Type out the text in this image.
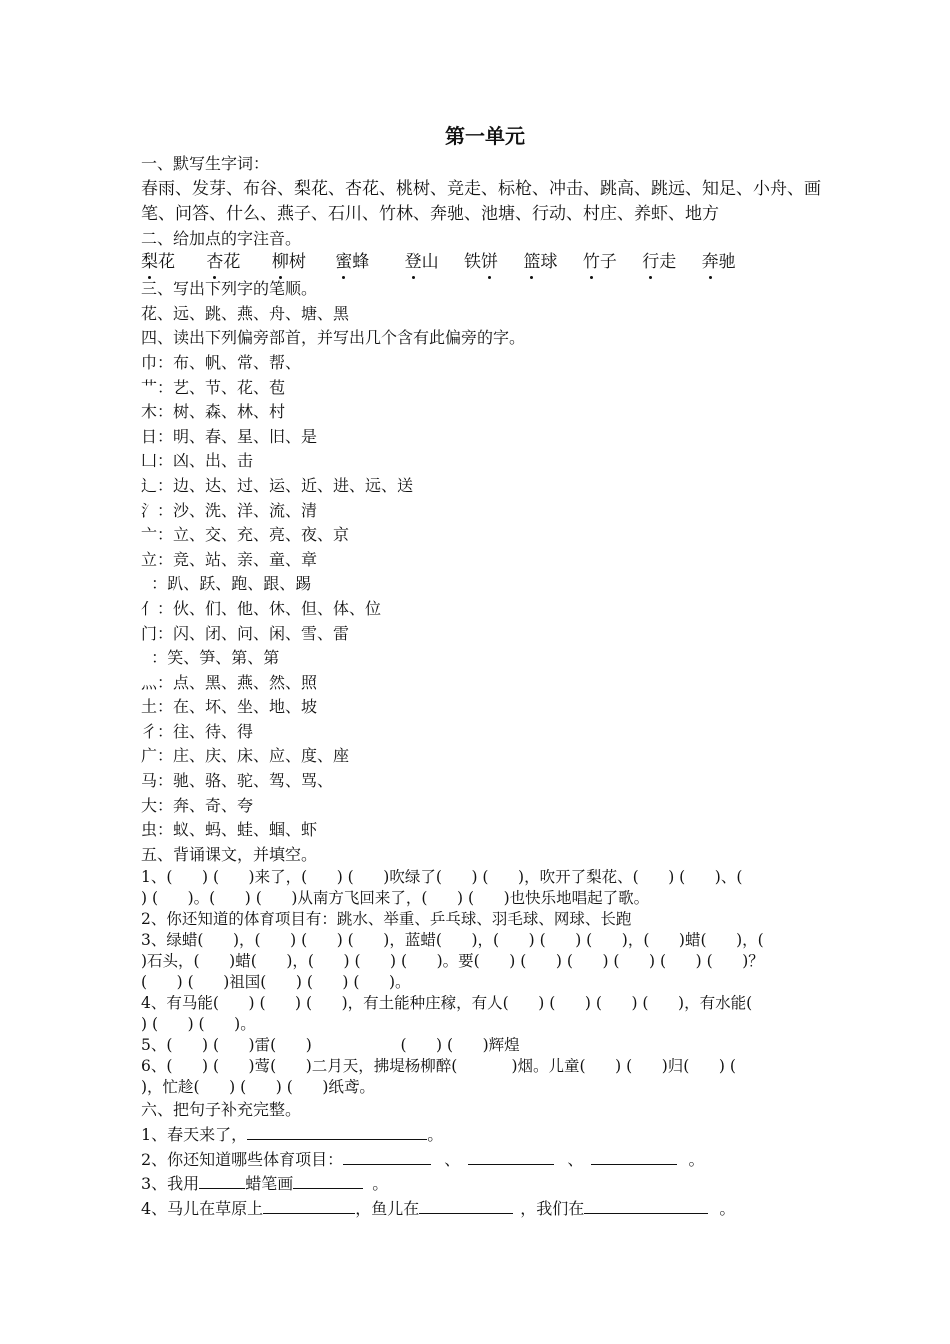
第一单元
一、默写生字词：
春雨、发芽、布谷、梨花、杏花、桃树、竞走、标枪、冲击、跳高、跳远、知足、小舟、画
笔、问答、什么、燕子、石川、竹林、奔驰、池塘、行动、村庄、养虾、地方
二、给加点的字注音。
梨花 杏花 柳树 蜜蜂 登山 铁饼 篮球 竹子 行走 奔驰
三、写出下列字的笔顺。
花、远、跳、燕、舟、塘、黑
四、读出下列偏旁部首，并写出几个含有此偏旁的字。
巾：布、帆、常、帮、
艹：艺、节、花、苞
木：树、森、林、村
日：明、春、星、旧、是
凵：凶、出、击
辶：边、达、过、运、近、进、远、送
氵：沙、洗、洋、流、清
亠：立、交、充、亮、夜、京
立：竞、站、亲、童、章
：趴、跃、跑、跟、踢
亻：伙、们、他、休、但、体、位
门：闪、闭、问、闲、雪、雷
：笑、笋、第、第
灬：点、黑、燕、然、照
土：在、坏、坐、地、坡
彳：往、待、得
广：庄、庆、床、应、度、座
马：驰、骆、驼、驾、骂、
大：奔、奇、夸
虫：蚁、蚂、蛙、蝈、虾
五、背诵课文，并填空。
1、(      ) (      )来了，(      ) (      )吹绿了(      ) (      )，吹开了梨花、(      ) (      )、(
) (      )。(      ) (      )从南方飞回来了，(      ) (      )也快乐地唱起了歌。
2、你还知道的体育项目有：跳水、举重、乒乓球、羽毛球、网球、长跑
3、绿蜡(      )，(      ) (      ) (      )，蓝蜡(      )，(      ) (      ) (      )，(      )蜡(      )，(
)石头，(      )蜡(      )，(      ) (      ) (      )。要(      ) (      ) (      ) (      ) (      ) (      )？
(      ) (      )祖国(      ) (      ) (      )。
4、有马能(      ) (      ) (      )，有土能种庄稼，有人(      ) (      ) (      ) (      )，有水能(
) (      ) (      )。
5、(      ) (      )雷(      )                  (      ) (      )辉煌
6、(      ) (      )莺(      )二月天，拂堤杨柳醉(           )烟。儿童(      ) (      )归(      ) (
)，忙趁(      ) (      ) (      )纸鸢。
六、把句子补充完整。
1、春天来了，	。
2、你还知道哪些体育项目：	、	、	。
3、我用	蜡笔画	。
4、马儿在草原上	，鱼儿在	，我们在	。
